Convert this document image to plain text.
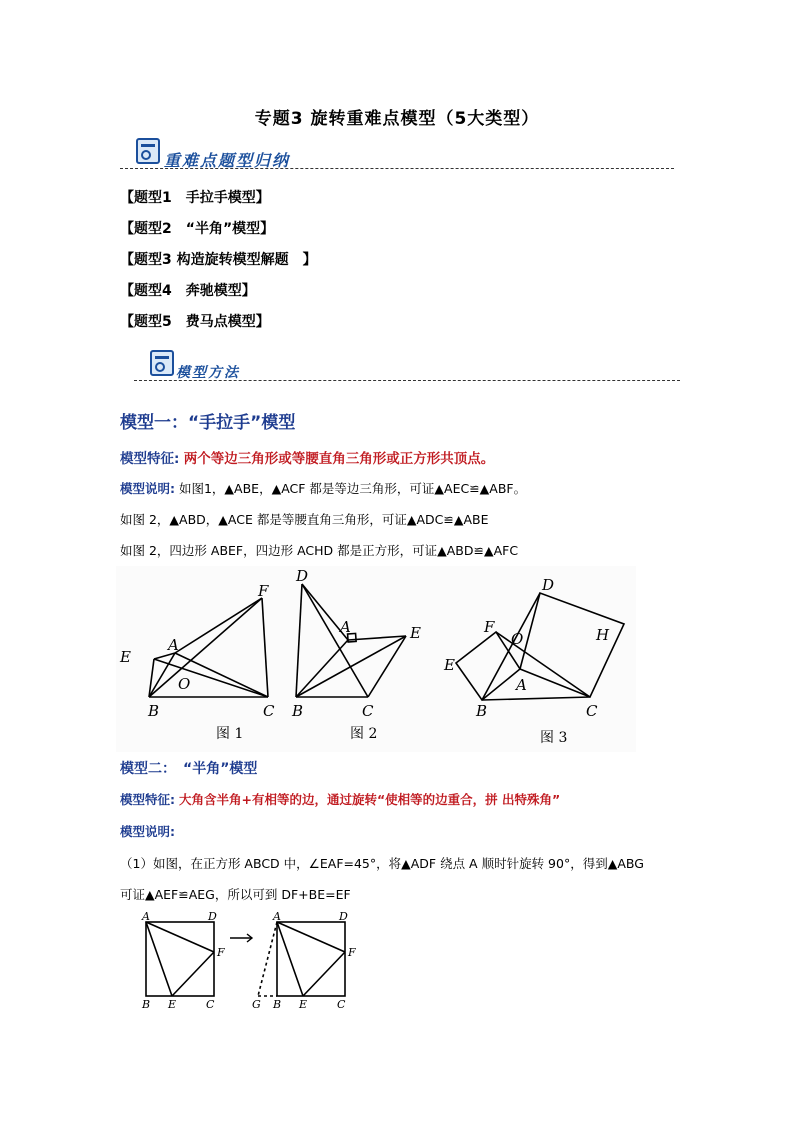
专题3 旋转重难点模型（5大类型）
重难点题型归纳
【题型1　手拉手模型】
【题型2　“半角”模型】
【题型3 构造旋转模型解题　】
【题型4　奔驰模型】
【题型5　费马点模型】
模型方法
模型一：“手拉手”模型
模型特征: 两个等边三角形或等腰直角三角形或正方形共顶点。
模型说明: 如图1，▲ABE，▲ACF 都是等边三角形，可证▲AEC≌▲ABF。
如图 2，▲ABD，▲ACE 都是等腰直角三角形，可证▲ADC≌▲ABE
如图 2，四边形 ABEF，四边形 ACHD 都是正方形，可证▲ABD≌▲AFC
F
A
E
O
B	C
图 1
D
E
B	C
A
图 2
D
F
O	H
E
A
B	C
图 3
模型二：　“半角”模型
模型特征: 大角含半角+有相等的边，通过旋转“使相等的边重合，拼 出特殊角”
模型说明:
（1）如图，在正方形 ABCD 中，∠EAF=45°，将▲ADF 绕点 A 顺时针旋转 90°，得到▲ABG
可证▲AEF≌AEG，所以可到 DF+BE=EF
A	D
F
B E	C
A	D
F
G B E	C
